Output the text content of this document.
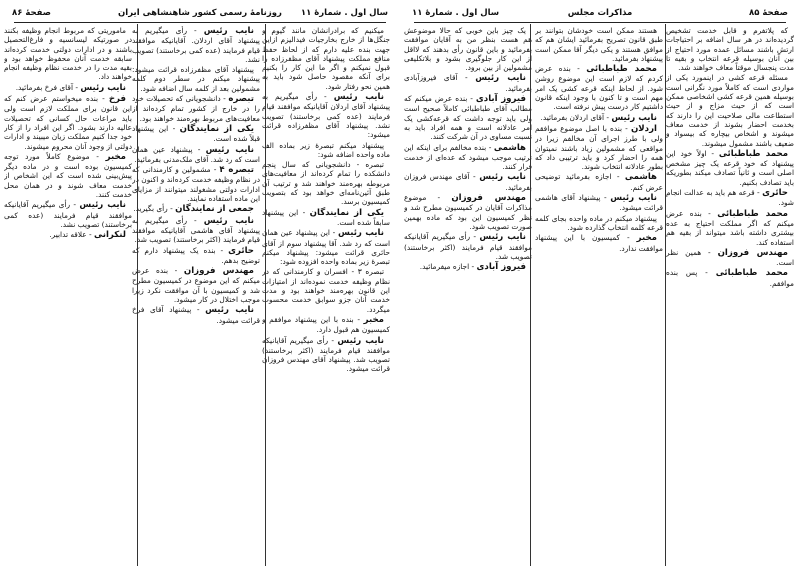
سال اول . شمارهٔ ۱۱
روزنامهٔ رسمی کشور شاهنشاهی ایران
صفحهٔ ۸۶

میکنیم که برادرانشان مانند گیوم و جنگل‌ها از خارج بخارجیات فیدالیزم ازاین جهت بنده علیه دارم که از لحاظ حفظ منافع مملکت پیشنهاد آقای مظفرزاده را قبول نمیکنم و اگر ما این کار را بکنیم برای آنکه مقصود حاصل شود باید به همین نحو رفتار شود.

نایب رئیس - رأی میگیریم به پیشنهاد آقای اردلان آقایانیکه موافقند قیام فرمایند (عده کمی برخاستند) تصویب نشد. پیشنهاد آقای مظفرزاده قرائت میشود:

پیشنهاد میکنم تبصرهٔ زیر بماده الف ماده واحده اضافه شود:

تبصره - دانشجویانی که سال پنجم دانشکده را تمام کرده‌اند از معافیت‌های مربوطه بهره‌مند خواهند شد و ترتیب آن طبق آئین‌نامه‌ای خواهد بود که بتصویب کمیسیون برسد.

یکی از نمایندگان - این پیشنهاد سابقاً شده است.

نایب رئیس - این پیشنهاد عین همان است که رد شد. آقا پیشنهاد سوم از آقای حائری قرائت میشود: پیشنهاد میکنم تبصرهٔ زیر بماده واحده افزوده شود:

تبصره ۳ - افسران و کارمندانی که در نظام وظیفه خدمت نموده‌اند از امتیازات این قانون بهره‌مند خواهند بود و مدت خدمت آنان جزو سوابق خدمت محسوب میگردد.

مخبر - بنده با این پیشنهاد موافقم و کمیسیون هم قبول دارد.

نایب رئیس - رأی میگیریم آقایانیکه موافقند قیام فرمایند (اکثر برخاستند) تصویب شد. پیشنهاد آقای مهندس فروزان قرائت میشود.

نایب رئیس - رأی میگیریم به پیشنهاد آقای اردلان. آقایانیکه موافقند قیام فرمایند (عده کمی برخاستند) تصویب نشد.

پیشنهاد آقای مظفرزاده قرائت میشود: پیشنهاد میکنم در سطر دوم کلمه مشمولین بعد از کلمه سال اضافه شود.

تبصره - دانشجویانی که تحصیلات خود را در خارج از کشور تمام کرده‌اند از معافیت‌های مربوط بهره‌مند خواهند بود.

یکی از نمایندگان - این پیشنهاد قبلاً شده است.

نایب رئیس - پیشنهاد عین همان است که رد شد. آقای ملک‌مدنی بفرمائید.

تبصره ۴ - مشمولین و کارمندانی که در نظام وظیفه خدمت کرده‌اند و اکنون در ادارات دولتی مشغولند میتوانند از مزایای این ماده استفاده نمایند.

جمعی از نمایندگان - رأی بگیرید.

نایب رئیس - رأی میگیریم به پیشنهاد آقای هاشمی آقایانیکه موافقند قیام فرمایند (اکثر برخاستند) تصویب شد.

حائری - بنده یک پیشنهاد دارم که توضیح بدهم.

مهندس فروزان - بنده عرض میکنم که این موضوع در کمیسیون مطرح شد و کمیسیون با آن موافقت نکرد زیرا موجب اختلال در کار میشود.

نایب رئیس - پیشنهاد آقای فرخ قرائت میشود.

ماموریتی که مربوط انجام وظیفه بکنند در صورتیکه لیسانسیه و فارغ‌التحصیل باشند و در ادارات دولتی خدمت کرده‌اند سابقه خدمت آنان محفوظ خواهد بود و بقیه مدت را در خدمت نظام وظیفه انجام خواهند داد.

نایب رئیس - آقای فرخ بفرمائید.

فرخ - بنده میخواستم عرض کنم که این قانون برای مملکت لازم است ولی باید مراعات حال کسانی که تحصیلات عالیه دارند بشود. اگر این افراد را از کار خود جدا کنیم مملکت زیان میبیند و ادارات دولتی از وجود آنان محروم میشوند.

مخبر - موضوع کاملاً مورد توجه کمیسیون بوده است و در ماده دیگر پیش‌بینی شده است که این اشخاص از خدمت معاف شوند و در همان محل خدمت کنند.

نایب رئیس - رأی میگیریم آقایانیکه موافقند قیام فرمایند (عده کمی برخاستند) تصویب نشد.

لنکرانی - علاقه تدابیر.

صفحهٔ ۸۵
مذاکرات مجلس
سال اول . شمارهٔ ۱۱

یک چیز باین خوبی که حالا موضوعش هم هست بنظر من به آقایان موافقت بفرمائید و باین قانون رأی بدهند که لااقل از این کار جلوگیری بشود و بلاتکلیفی مشمولین از بین برود.

نایب رئیس - آقای فیروزآبادی بفرمائید.

فیروز آبادی - بنده عرض میکنم که مطالب آقای طباطبائی کاملاً صحیح است ولی باید توجه داشت که قرعه‌کشی یک امر عادلانه است و همه افراد باید به نسبت مساوی در آن شرکت کنند.

هاشمی - بنده مخالفم برای اینکه این ترتیب موجب میشود که عده‌ای از خدمت فرار کنند.

نایب رئیس - آقای مهندس فروزان بفرمائید.

مهندس فروزان - موضوع مذاکرات آقایان در کمیسیون مطرح شد و نظر کمیسیون این بود که ماده بهمین صورت تصویب شود.

نایب رئیس - رأی میگیریم آقایانیکه موافقند قیام فرمایند (اکثر برخاستند) تصویب شد.

فیروز آبادی - اجازه میفرمائید.

هستند ممکن است خودشان بتوانند بر طبق قانون تصریح بفرمائید ایشان هم که موافق هستند و یکی دیگر آقا ممکن است پیشنهاد بفرمائید.

محمد طباطبائی - بنده عرض کردم که لازم است این موضوع روشن شود. از لحاظ اینکه قرعه کشی یک امر مهم است و تا کنون با وجود اینکه قانون داشتیم کار درست پیش نرفته است.

نایب رئیس - آقای اردلان بفرمائید.

اردلان - بنده با اصل موضوع موافقم ولی با طرز اجرای آن مخالفم زیرا در مواقعی که مشمولین زیاد باشند نمیتوان همه را احضار کرد و باید ترتیبی داد که بطور عادلانه انتخاب شوند.

هاشمی - اجازه بفرمائید توضیحی عرض کنم.

نایب رئیس - پیشنهاد آقای هاشمی قرائت میشود.

پیشنهاد میکنم در ماده واحده بجای کلمه قرعه کلمه انتخاب گذارده شود.

مخبر - کمیسیون با این پیشنهاد موافقت ندارد.

که پلاتفرم و قابل خدمت تشخیص گردیده‌اند در هر سال اضافه بر احتیاجات ارتش باشند مسائل عمده مورد احتیاج از بین آنان بوسیله قرعه انتخاب و بقیه تا مدت پنجسال موقتاً معاف خواهند شد.

مسئله قرعه کشی در اینمورد یکی از مواردی است که کاملاً مورد نگرانی است بوسیله همین قرعه کشی اشخاصی ممکن است که از حیث مزاج و از حیث استطاعت مالی صلاحیت این را دارند که بخدمت احضار بشوند از خدمت معاف میشوند و اشخاص بیچاره که بیسواد و ضعیف باشند مشمول میشوند.

محمد طباطبائی - اولاً خود این پیشنهاد که خود قرعه یک چیز مشخص اصلی است و ثانیاً تصادف میکند بطوریکه باید تصادف بکنیم.

حائری - قرعه هم باید به عدالت انجام شود.

محمد طباطبائی - بنده عرض میکنم که اگر مملکت احتیاج به عده بیشتری داشته باشد میتواند از بقیه هم استفاده کند.

مهندس فروزان - همین نظر است.

محمد طباطبائی - پس بنده موافقم.
